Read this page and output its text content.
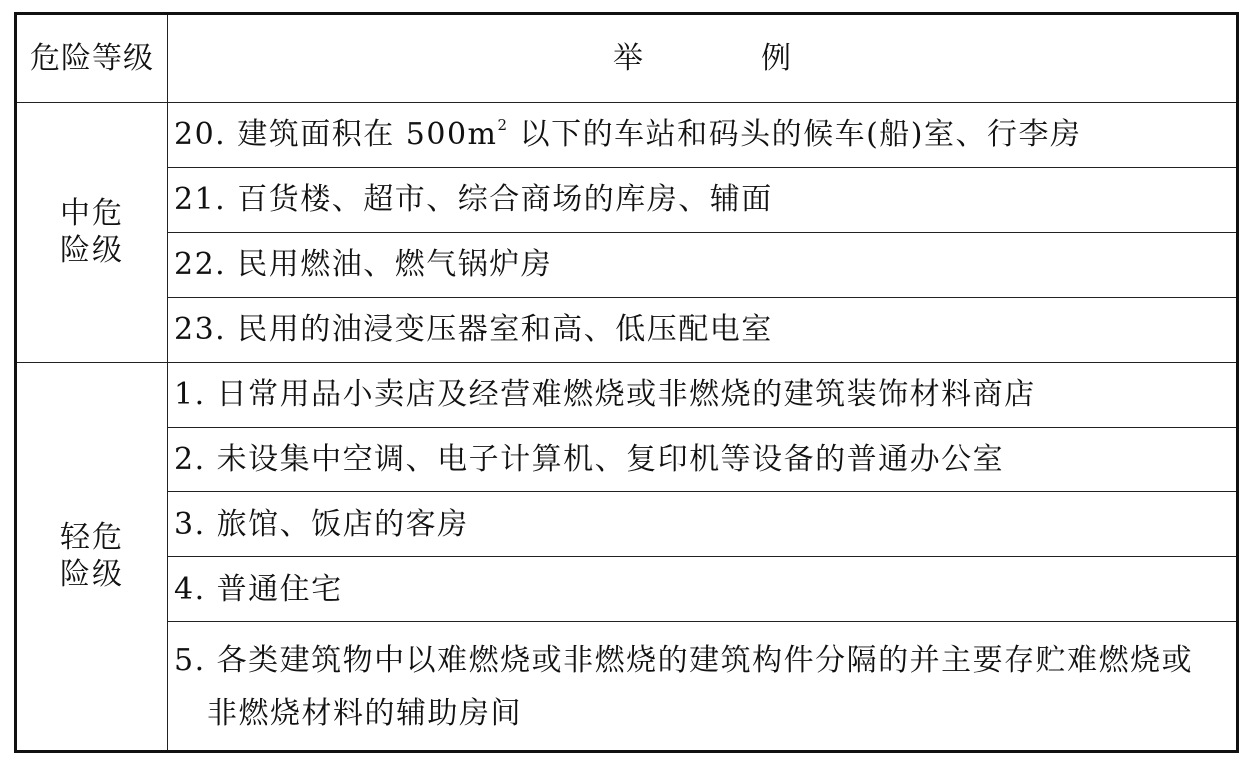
危险等级	举 例

中危
险级	20. 建筑面积在 $500m^2$ 以下的车站和码头的候车(船)室、行李房
	21. 百货楼、超市、综合商场的库房、辅面
	22. 民用燃油、燃气锅炉房
	23. 民用的油浸变压器室和高、低压配电室

轻危
险级	1. 日常用品小卖店及经营难燃烧或非燃烧的建筑装饰材料商店
	2. 未设集中空调、电子计算机、复印机等设备的普通办公室
	3. 旅馆、饭店的客房
	4. 普通住宅
	5. 各类建筑物中以难燃烧或非燃烧的建筑构件分隔的并主要存贮难燃烧或
非燃烧材料的辅助房间
